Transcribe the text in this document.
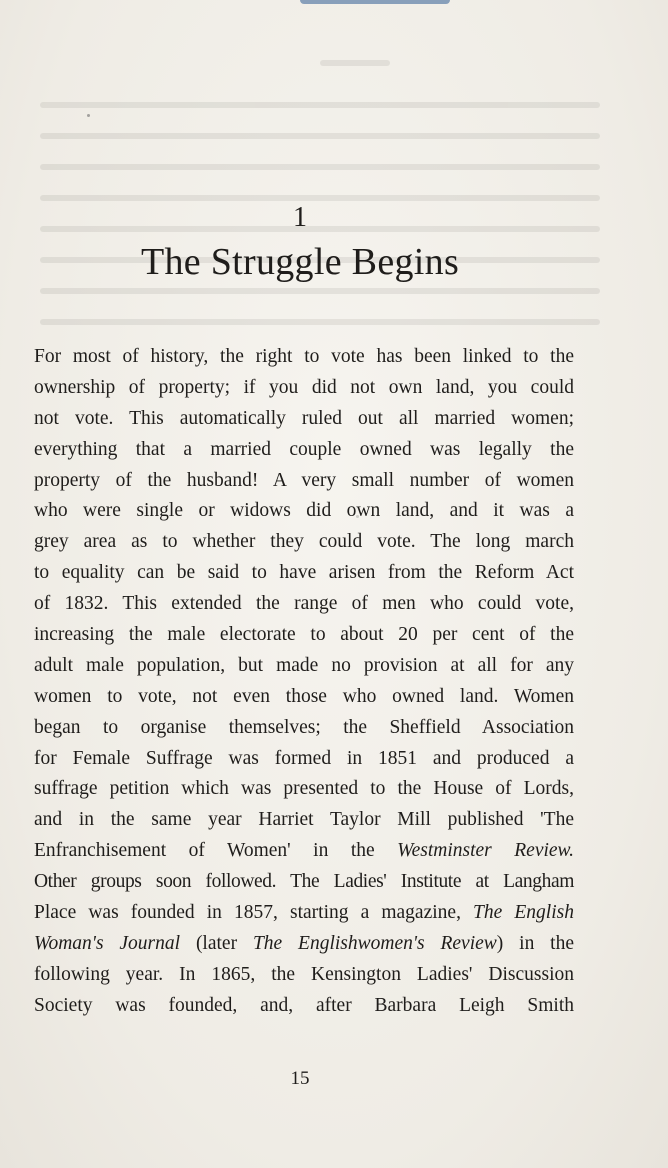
1
The Struggle Begins
For most of history, the right to vote has been linked to the
ownership of property; if you did not own land, you could
not vote. This automatically ruled out all married women;
everything that a married couple owned was legally the
property of the husband! A very small number of women
who were single or widows did own land, and it was a
grey area as to whether they could vote. The long march
to equality can be said to have arisen from the Reform Act
of 1832. This extended the range of men who could vote,
increasing the male electorate to about 20 per cent of the
adult male population, but made no provision at all for any
women to vote, not even those who owned land. Women
began to organise themselves; the Sheffield Association
for Female Suffrage was formed in 1851 and produced a
suffrage petition which was presented to the House of Lords,
and in the same year Harriet Taylor Mill published 'The
Enfranchisement of Women' in the Westminster Review.
Other groups soon followed. The Ladies' Institute at Langham
Place was founded in 1857, starting a magazine, The English
Woman's Journal (later The Englishwomen's Review) in the
following year. In 1865, the Kensington Ladies' Discussion
Society was founded, and, after Barbara Leigh Smith
15
